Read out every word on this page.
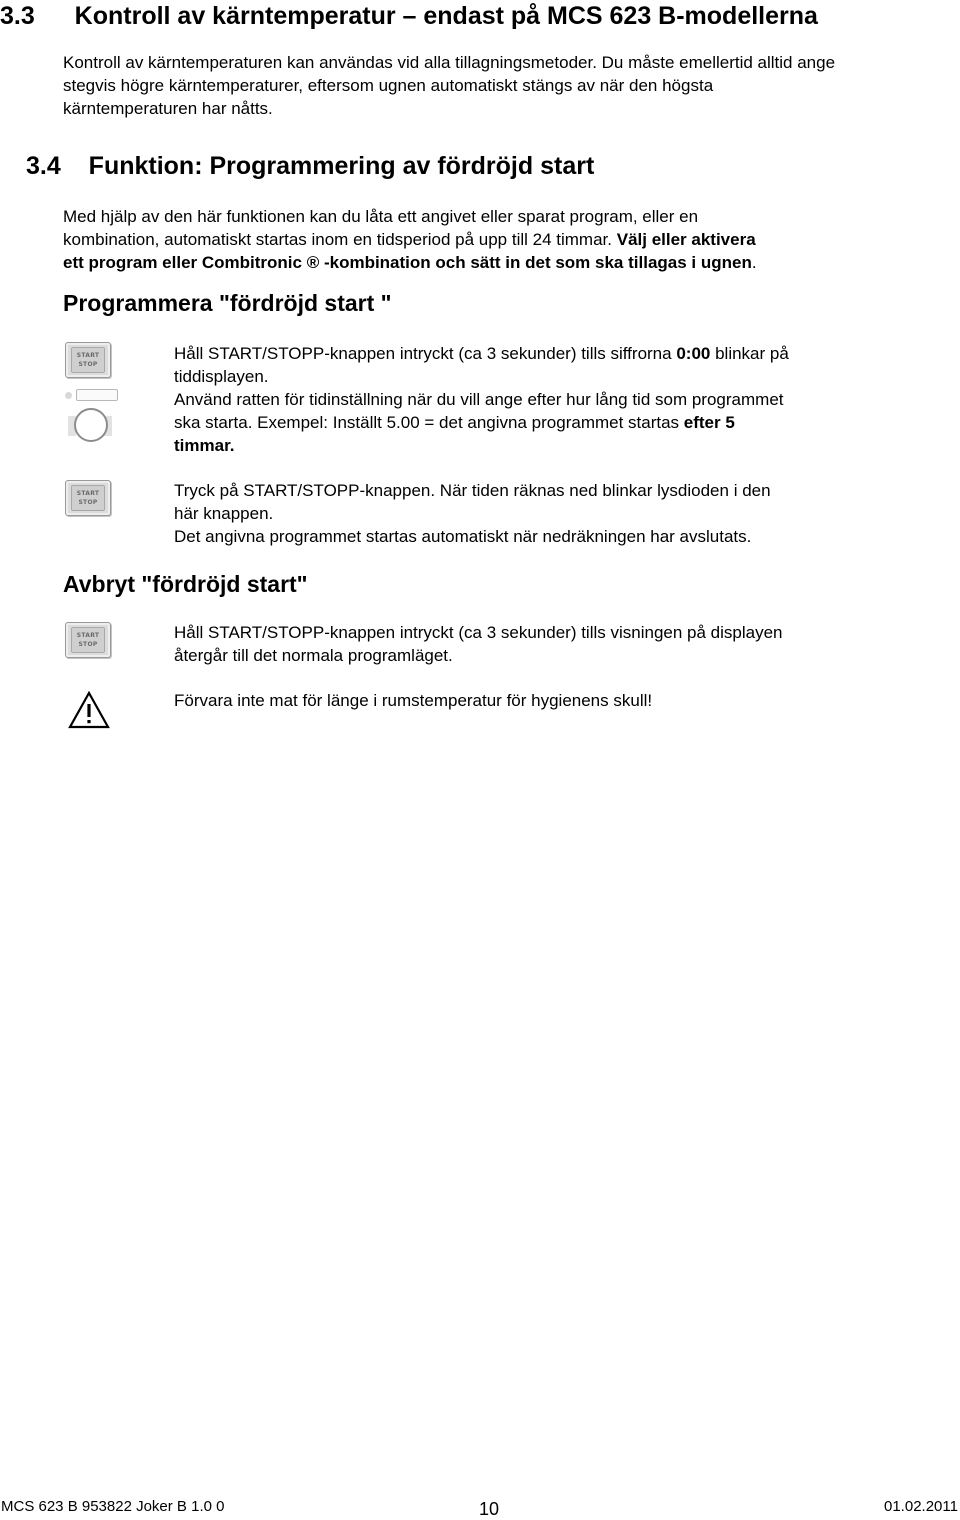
3.3 Kontroll av kärntemperatur – endast på MCS 623 B-modellerna
Kontroll av kärntemperaturen kan användas vid alla tillagningsmetoder. Du måste emellertid alltid ange
stegvis högre kärntemperaturer, eftersom ugnen automatiskt stängs av när den högsta
kärntemperaturen har nåtts.
3.4 Funktion: Programmering av fördröjd start
Med hjälp av den här funktionen kan du låta ett angivet eller sparat program, eller en
kombination, automatiskt startas inom en tidsperiod på upp till 24 timmar. Välj eller aktivera
ett program eller Combitronic ® -kombination och sätt in det som ska tillagas i ugnen.
Programmera "fördröjd start "
START
STOP
Håll START/STOPP-knappen intryckt (ca 3 sekunder) tills siffrorna 0:00 blinkar på
tiddisplayen.
Använd ratten för tidinställning när du vill ange efter hur lång tid som programmet
ska starta. Exempel: Inställt 5.00 = det angivna programmet startas efter 5
timmar.
START
STOP
Tryck på START/STOPP-knappen. När tiden räknas ned blinkar lysdioden i den
här knappen.
Det angivna programmet startas automatiskt när nedräkningen har avslutats.
Avbryt "fördröjd start"
START
STOP
Håll START/STOPP-knappen intryckt (ca 3 sekunder) tills visningen på displayen
återgår till det normala programläget.
Förvara inte mat för länge i rumstemperatur för hygienens skull!
MCS 623 B 953822 Joker B 1.0 0	10	01.02.2011
